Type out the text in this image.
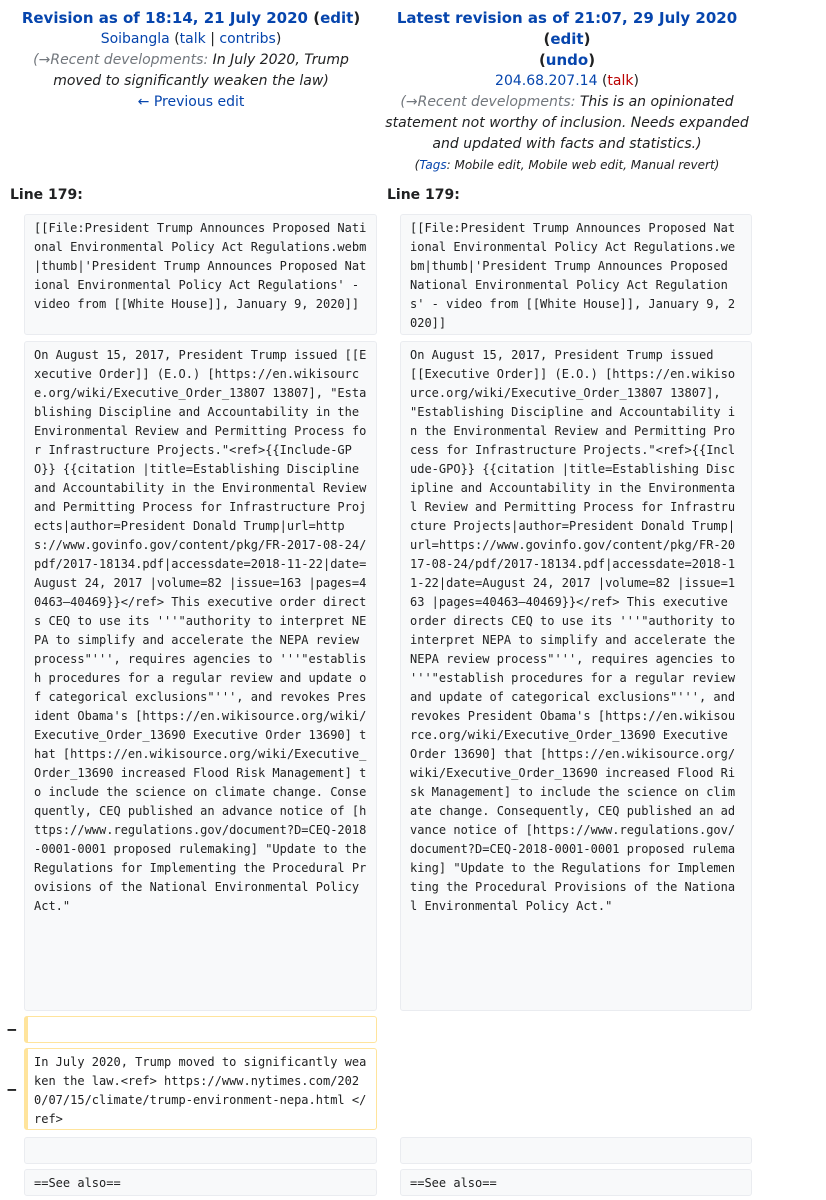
Revision as of 18:14, 21 July 2020 (edit)
Soibangla (talk | contribs)
(→Recent developments: In July 2020, Trump moved to significantly weaken the law)
← Previous edit
Latest revision as of 21:07, 29 July 2020 (edit)
(undo)
204.68.207.14 (talk)
(→Recent developments: This is an opinionated statement not worthy of inclusion. Needs expanded and updated with facts and statistics.)
(Tags: Mobile edit, Mobile web edit, Manual revert)
Line 179:	Line 179:
[[File:President Trump Announces Proposed National Environmental Policy Act Regulations.webm|thumb|'President Trump Announces Proposed National Environmental Policy Act Regulations' - video from [[White House]], January 9, 2020]]
[[File:President Trump Announces Proposed National Environmental Policy Act Regulations.webm|thumb|'President Trump Announces Proposed National Environmental Policy Act Regulations' - video from [[White House]], January 9, 2020]]
On August 15, 2017, President Trump issued [[Executive Order]] (E.O.) [https://en.wikisource.org/wiki/Executive_Order_13807 13807], "Establishing Discipline and Accountability in the Environmental Review and Permitting Process for Infrastructure Projects."<ref>{{Include-GPO}} {{citation |title=Establishing Discipline and Accountability in the Environmental Review and Permitting Process for Infrastructure Projects|author=President Donald Trump|url=https://www.govinfo.gov/content/pkg/FR-2017-08-24/pdf/2017-18134.pdf|accessdate=2018-11-22|date=August 24, 2017 |volume=82 |issue=163 |pages=40463–40469}}</ref> This executive order directs CEQ to use its '''"authority to interpret NEPA to simplify and accelerate the NEPA review process"''', requires agencies to '''"establish procedures for a regular review and update of categorical exclusions"''', and revokes President Obama's [https://en.wikisource.org/wiki/Executive_Order_13690 Executive Order 13690] that [https://en.wikisource.org/wiki/Executive_Order_13690 increased Flood Risk Management] to include the science on climate change. Consequently, CEQ published an advance notice of [https://www.regulations.gov/document?D=CEQ-2018-0001-0001 proposed rulemaking] "Update to the Regulations for Implementing the Procedural Provisions of the National Environmental Policy Act."
On August 15, 2017, President Trump issued [[Executive Order]] (E.O.) [https://en.wikisource.org/wiki/Executive_Order_13807 13807], "Establishing Discipline and Accountability in the Environmental Review and Permitting Process for Infrastructure Projects."<ref>{{Include-GPO}} {{citation |title=Establishing Discipline and Accountability in the Environmental Review and Permitting Process for Infrastructure Projects|author=President Donald Trump|url=https://www.govinfo.gov/content/pkg/FR-2017-08-24/pdf/2017-18134.pdf|accessdate=2018-11-22|date=August 24, 2017 |volume=82 |issue=163 |pages=40463–40469}}</ref> This executive order directs CEQ to use its '''"authority to interpret NEPA to simplify and accelerate the NEPA review process"''', requires agencies to '''"establish procedures for a regular review and update of categorical exclusions"''', and revokes President Obama's [https://en.wikisource.org/wiki/Executive_Order_13690 Executive Order 13690] that [https://en.wikisource.org/wiki/Executive_Order_13690 increased Flood Risk Management] to include the science on climate change. Consequently, CEQ published an advance notice of [https://www.regulations.gov/document?D=CEQ-2018-0001-0001 proposed rulemaking] "Update to the Regulations for Implementing the Procedural Provisions of the National Environmental Policy Act."
−
−
In July 2020, Trump moved to significantly weaken the law.<ref> https://www.nytimes.com/2020/07/15/climate/trump-environment-nepa.html </ref>
==See also==	==See also==
